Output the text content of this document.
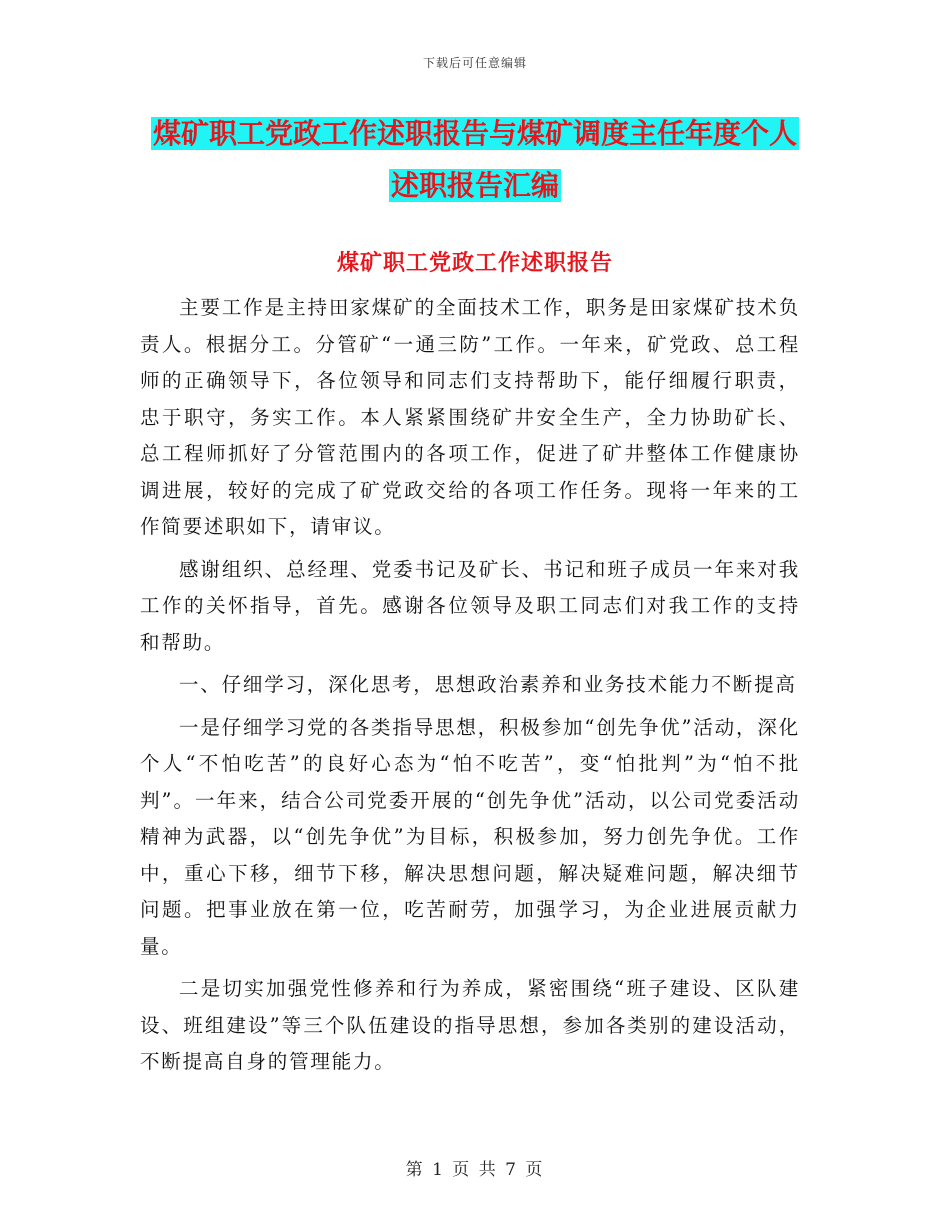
下载后可任意编辑
煤矿职工党政工作述职报告与煤矿调度主任年度个人
述职报告汇编
煤矿职工党政工作述职报告

主要工作是主持田家煤矿的全面技术工作，职务是田家煤矿技术负责人。根据分工。分管矿“一通三防”工作。一年来，矿党政、总工程师的正确领导下，各位领导和同志们支持帮助下，能仔细履行职责，忠于职守，务实工作。本人紧紧围绕矿井安全生产，全力协助矿长、总工程师抓好了分管范围内的各项工作，促进了矿井整体工作健康协调进展，较好的完成了矿党政交给的各项工作任务。现将一年来的工作简要述职如下，请审议。

感谢组织、总经理、党委书记及矿长、书记和班子成员一年来对我工作的关怀指导，首先。感谢各位领导及职工同志们对我工作的支持和帮助。

一、仔细学习，深化思考，思想政治素养和业务技术能力不断提高

一是仔细学习党的各类指导思想，积极参加“创先争优”活动，深化个人“不怕吃苦”的良好心态为“怕不吃苦”，变“怕批判”为“怕不批判”。一年来，结合公司党委开展的“创先争优”活动，以公司党委活动精神为武器，以“创先争优”为目标，积极参加，努力创先争优。工作中，重心下移，细节下移，解决思想问题，解决疑难问题，解决细节问题。把事业放在第一位，吃苦耐劳，加强学习，为企业进展贡献力量。

二是切实加强党性修养和行为养成，紧密围绕“班子建设、区队建设、班组建设”等三个队伍建设的指导思想，参加各类别的建设活动，不断提高自身的管理能力。

第 1 页 共 7 页
